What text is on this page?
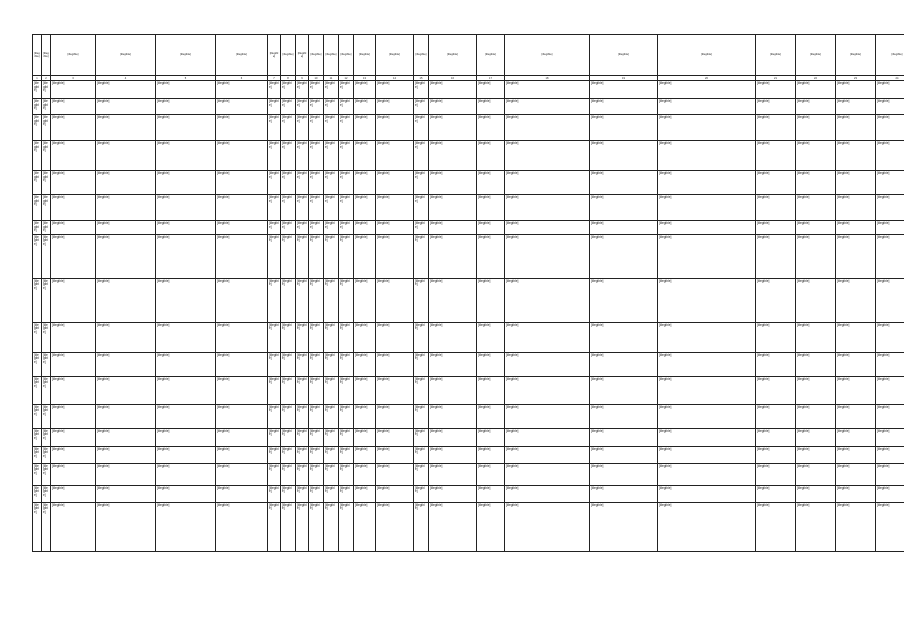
[illegible]	[illegible]	[illegible]	[illegible]	[illegible]	[illegible]	[illegible]	[illegible]	[illegible]	[illegible]	[illegible]	[illegible]	[illegible]	[illegible]	[illegible]	[illegible]	[illegible]	[illegible]	[illegible]	[illegible]	[illegible]	[illegible]	[illegible]	[illegible]
1	2	3	4	5	6	7	8	9	10	11	12	13	14	15	16	17	18	19	20	21	22	23	24
[illegible]	[illegible]	[illegible]	[illegible]	[illegible]	[illegible]	[illegible]	[illegible]	[illegible]	[illegible]	[illegible]	[illegible]	[illegible]	[illegible]	[illegible]	[illegible]	[illegible]	[illegible]	[illegible]	[illegible]	[illegible]	[illegible]	[illegible]	[illegible]
[illegible]	[illegible]	[illegible]	[illegible]	[illegible]	[illegible]	[illegible]	[illegible]	[illegible]	[illegible]	[illegible]	[illegible]	[illegible]	[illegible]	[illegible]	[illegible]	[illegible]	[illegible]	[illegible]	[illegible]	[illegible]	[illegible]	[illegible]	[illegible]
[illegible]	[illegible]	[illegible]	[illegible]	[illegible]	[illegible]	[illegible]	[illegible]	[illegible]	[illegible]	[illegible]	[illegible]	[illegible]	[illegible]	[illegible]	[illegible]	[illegible]	[illegible]	[illegible]	[illegible]	[illegible]	[illegible]	[illegible]	[illegible]
[illegible]	[illegible]	[illegible]	[illegible]	[illegible]	[illegible]	[illegible]	[illegible]	[illegible]	[illegible]	[illegible]	[illegible]	[illegible]	[illegible]	[illegible]	[illegible]	[illegible]	[illegible]	[illegible]	[illegible]	[illegible]	[illegible]	[illegible]	[illegible]
[illegible]	[illegible]	[illegible]	[illegible]	[illegible]	[illegible]	[illegible]	[illegible]	[illegible]	[illegible]	[illegible]	[illegible]	[illegible]	[illegible]	[illegible]	[illegible]	[illegible]	[illegible]	[illegible]	[illegible]	[illegible]	[illegible]	[illegible]	[illegible]
[illegible]	[illegible]	[illegible]	[illegible]	[illegible]	[illegible]	[illegible]	[illegible]	[illegible]	[illegible]	[illegible]	[illegible]	[illegible]	[illegible]	[illegible]	[illegible]	[illegible]	[illegible]	[illegible]	[illegible]	[illegible]	[illegible]	[illegible]	[illegible]
[illegible]	[illegible]	[illegible]	[illegible]	[illegible]	[illegible]	[illegible]	[illegible]	[illegible]	[illegible]	[illegible]	[illegible]	[illegible]	[illegible]	[illegible]	[illegible]	[illegible]	[illegible]	[illegible]	[illegible]	[illegible]	[illegible]	[illegible]	[illegible]
[illegible]	[illegible]	[illegible]	[illegible]	[illegible]	[illegible]	[illegible]	[illegible]	[illegible]	[illegible]	[illegible]	[illegible]	[illegible]	[illegible]	[illegible]	[illegible]	[illegible]	[illegible]	[illegible]	[illegible]	[illegible]	[illegible]	[illegible]	[illegible]
[illegible]	[illegible]	[illegible]	[illegible]	[illegible]	[illegible]	[illegible]	[illegible]	[illegible]	[illegible]	[illegible]	[illegible]	[illegible]	[illegible]	[illegible]	[illegible]	[illegible]	[illegible]	[illegible]	[illegible]	[illegible]	[illegible]	[illegible]	[illegible]
[illegible]	[illegible]	[illegible]	[illegible]	[illegible]	[illegible]	[illegible]	[illegible]	[illegible]	[illegible]	[illegible]	[illegible]	[illegible]	[illegible]	[illegible]	[illegible]	[illegible]	[illegible]	[illegible]	[illegible]	[illegible]	[illegible]	[illegible]	[illegible]
[illegible]	[illegible]	[illegible]	[illegible]	[illegible]	[illegible]	[illegible]	[illegible]	[illegible]	[illegible]	[illegible]	[illegible]	[illegible]	[illegible]	[illegible]	[illegible]	[illegible]	[illegible]	[illegible]	[illegible]	[illegible]	[illegible]	[illegible]	[illegible]
[illegible]	[illegible]	[illegible]	[illegible]	[illegible]	[illegible]	[illegible]	[illegible]	[illegible]	[illegible]	[illegible]	[illegible]	[illegible]	[illegible]	[illegible]	[illegible]	[illegible]	[illegible]	[illegible]	[illegible]	[illegible]	[illegible]	[illegible]	[illegible]
[illegible]	[illegible]	[illegible]	[illegible]	[illegible]	[illegible]	[illegible]	[illegible]	[illegible]	[illegible]	[illegible]	[illegible]	[illegible]	[illegible]	[illegible]	[illegible]	[illegible]	[illegible]	[illegible]	[illegible]	[illegible]	[illegible]	[illegible]	[illegible]
[illegible]	[illegible]	[illegible]	[illegible]	[illegible]	[illegible]	[illegible]	[illegible]	[illegible]	[illegible]	[illegible]	[illegible]	[illegible]	[illegible]	[illegible]	[illegible]	[illegible]	[illegible]	[illegible]	[illegible]	[illegible]	[illegible]	[illegible]	[illegible]
[illegible]	[illegible]	[illegible]	[illegible]	[illegible]	[illegible]	[illegible]	[illegible]	[illegible]	[illegible]	[illegible]	[illegible]	[illegible]	[illegible]	[illegible]	[illegible]	[illegible]	[illegible]	[illegible]	[illegible]	[illegible]	[illegible]	[illegible]	[illegible]
[illegible]	[illegible]	[illegible]	[illegible]	[illegible]	[illegible]	[illegible]	[illegible]	[illegible]	[illegible]	[illegible]	[illegible]	[illegible]	[illegible]	[illegible]	[illegible]	[illegible]	[illegible]	[illegible]	[illegible]	[illegible]	[illegible]	[illegible]	[illegible]
[illegible]	[illegible]	[illegible]	[illegible]	[illegible]	[illegible]	[illegible]	[illegible]	[illegible]	[illegible]	[illegible]	[illegible]	[illegible]	[illegible]	[illegible]	[illegible]	[illegible]	[illegible]	[illegible]	[illegible]	[illegible]	[illegible]	[illegible]	[illegible]
[illegible]	[illegible]	[illegible]	[illegible]	[illegible]	[illegible]	[illegible]	[illegible]	[illegible]	[illegible]	[illegible]	[illegible]	[illegible]	[illegible]	[illegible]	[illegible]	[illegible]	[illegible]	[illegible]	[illegible]	[illegible]	[illegible]	[illegible]	[illegible]
